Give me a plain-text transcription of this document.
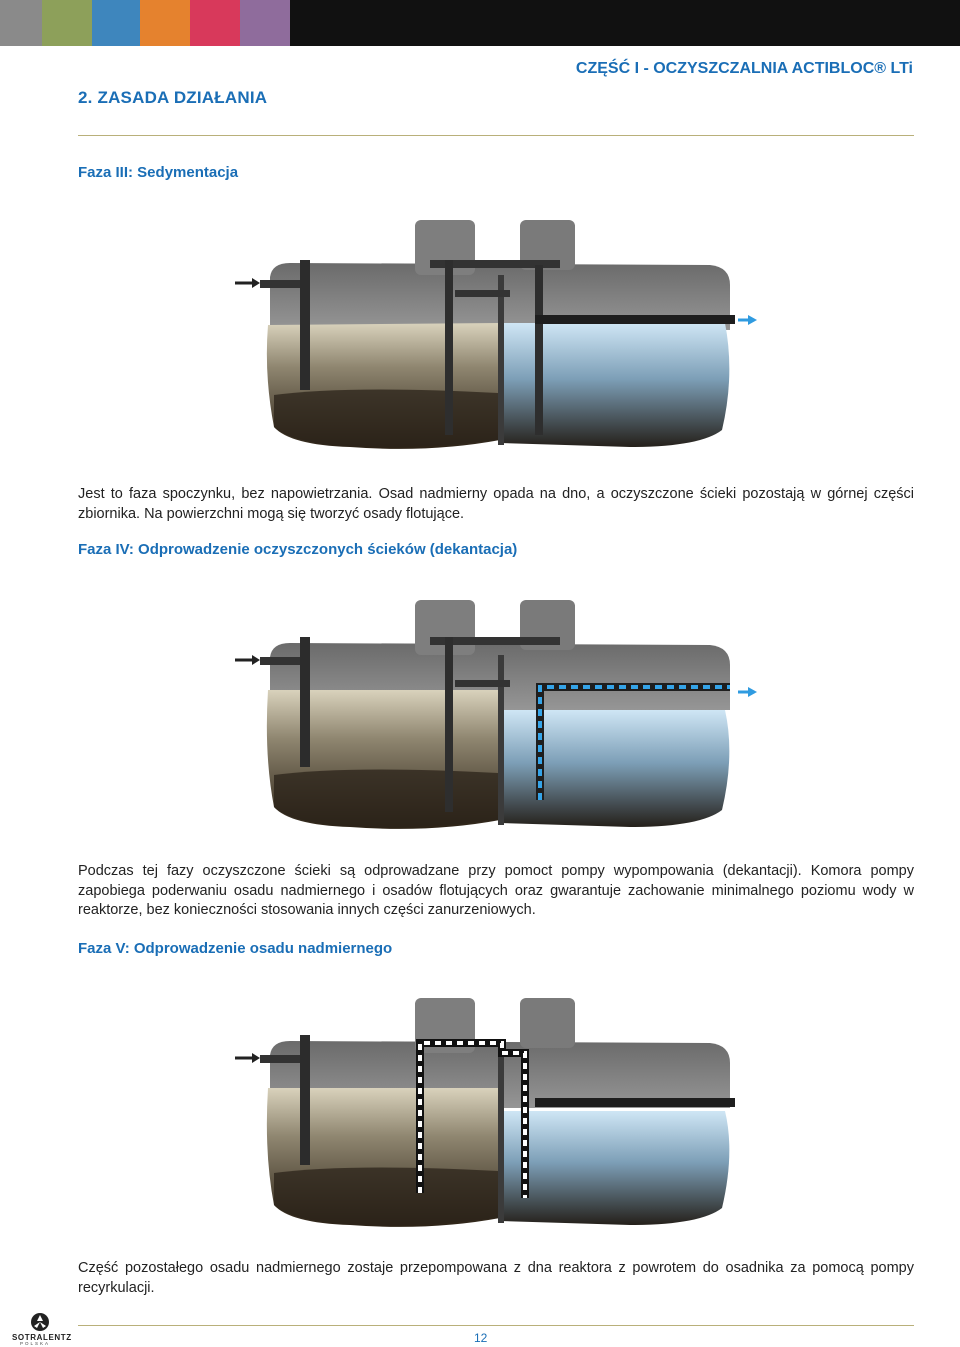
CZĘŚĆ I - OCZYSZCZALNIA ACTIBLOC® LTi
2. ZASADA DZIAŁANIA
Faza III: Sedymentacja
Jest to faza spoczynku, bez napowietrzania. Osad nadmierny opada na dno, a oczyszczone ścieki pozostają w górnej części zbiornika. Na powierzchni mogą się tworzyć osady flotujące.
Faza IV: Odprowadzenie oczyszczonych ścieków (dekantacja)
Podczas tej fazy oczyszczone ścieki są odprowadzane przy pomoct pompy wypompowania (dekantacji). Komora pompy zapobiega poderwaniu osadu nadmiernego i osadów flotujących oraz gwarantuje zachowanie minimalnego poziomu wody w reaktorze, bez konieczności stosowania innych części zanurzeniowych.
Faza V: Odprowadzenie osadu nadmiernego
Część pozostałego osadu nadmiernego zostaje przepompowana z dna reaktora z powrotem do osadnika za pomocą pompy recyrkulacji.
SOTRALENTZ
POLSKA	12
